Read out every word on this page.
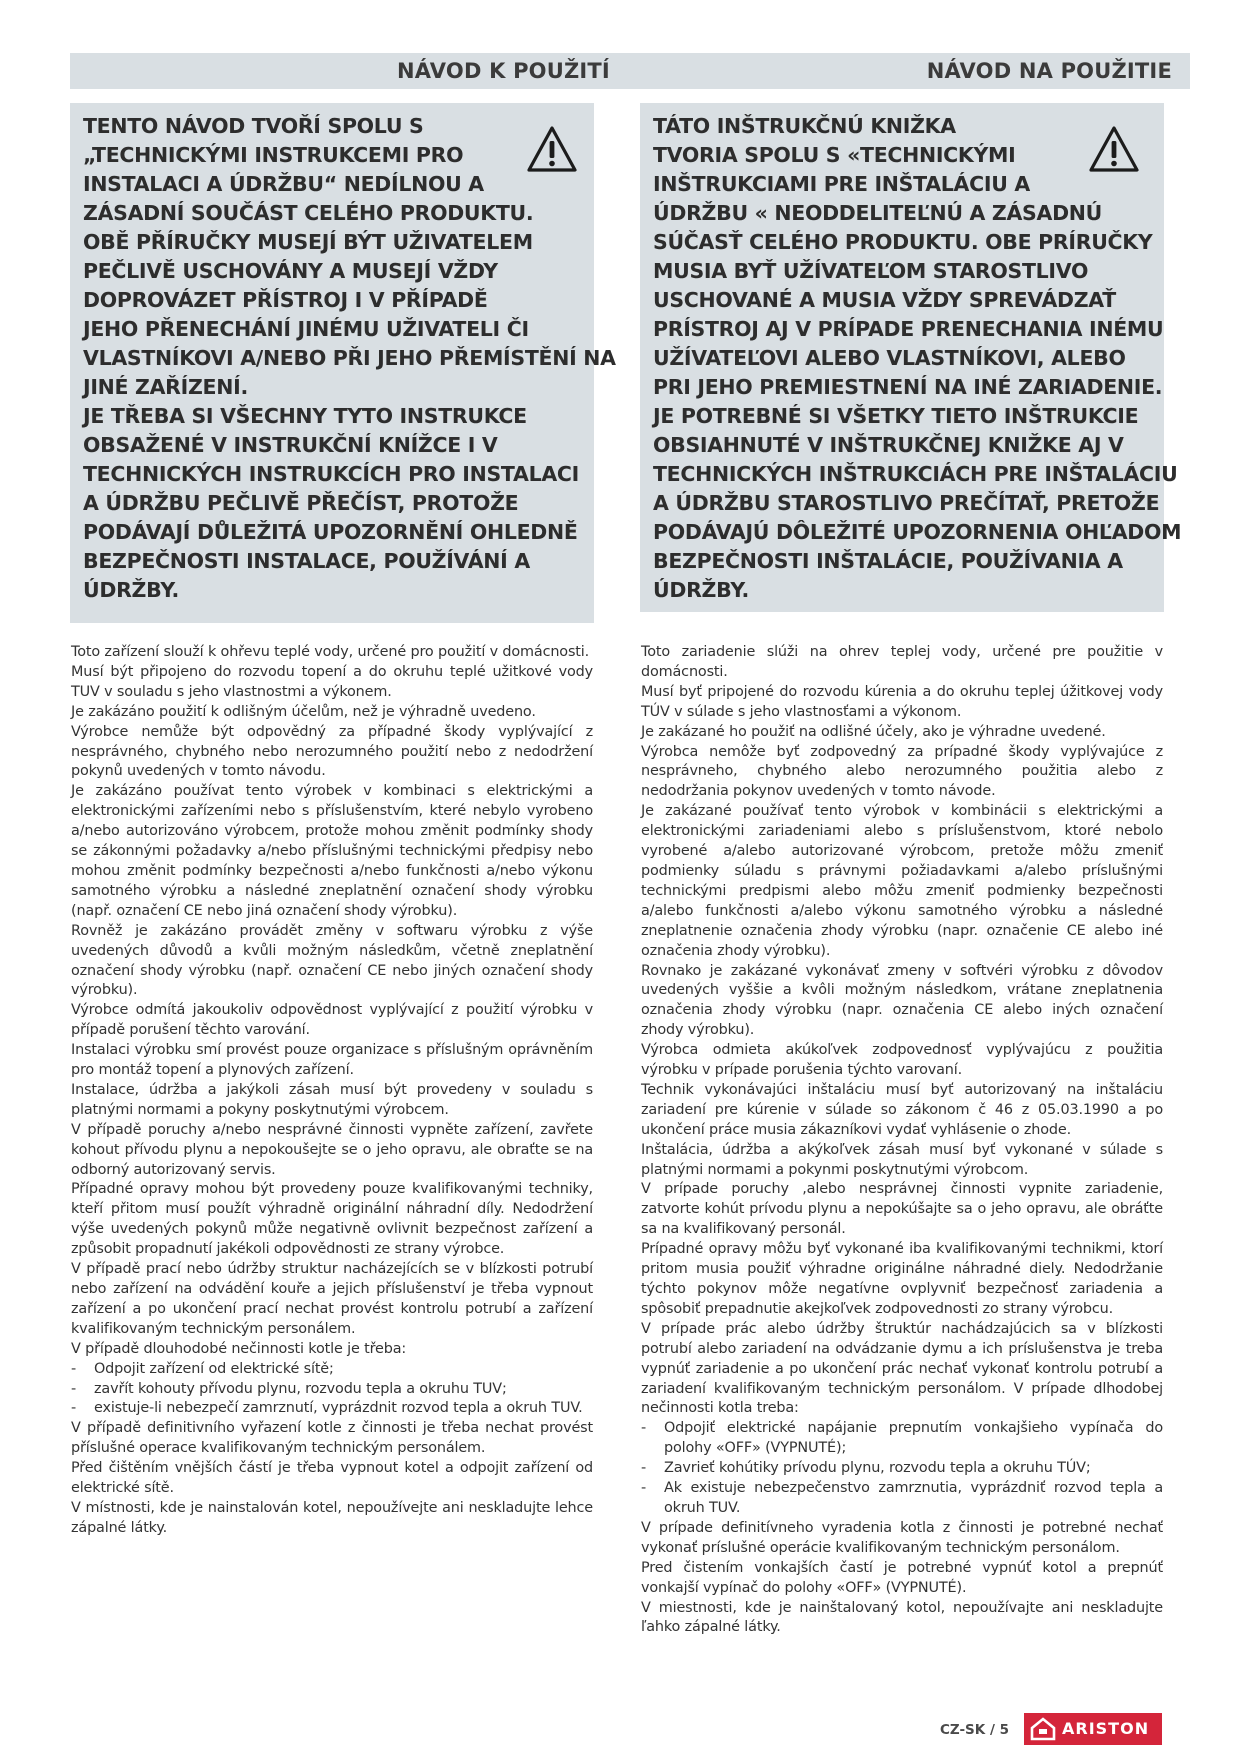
NÁVOD K POUŽITÍ	NÁVOD NA POUŽITIE
TENTO NÁVOD TVOŘÍ SPOLU S
„TECHNICKÝMI INSTRUKCEMI PRO
INSTALACI A ÚDRŽBU“ NEDÍLNOU A
ZÁSADNÍ SOUČÁST CELÉHO PRODUKTU.
OBĚ PŘÍRUČKY MUSEJÍ BÝT UŽIVATELEM
PEČLIVĚ USCHOVÁNY A MUSEJÍ VŽDY
DOPROVÁZET PŘÍSTROJ I V PŘÍPADĚ
JEHO PŘENECHÁNÍ JINÉMU UŽIVATELI ČI
VLASTNÍKOVI A/NEBO PŘI JEHO PŘEMÍSTĚNÍ NA
JINÉ ZAŘÍZENÍ.
JE TŘEBA SI VŠECHNY TYTO INSTRUKCE
OBSAŽENÉ V INSTRUKČNÍ KNÍŽCE I V
TECHNICKÝCH INSTRUKCÍCH PRO INSTALACI
A ÚDRŽBU PEČLIVĚ PŘEČÍST, PROTOŽE
PODÁVAJÍ DŮLEŽITÁ UPOZORNĚNÍ OHLEDNĚ
BEZPEČNOSTI INSTALACE, POUŽÍVÁNÍ A
ÚDRŽBY.
TÁTO INŠTRUKČNÚ KNIŽKA
TVORIA SPOLU S «TECHNICKÝMI
INŠTRUKCIAMI PRE INŠTALÁCIU A
ÚDRŽBU « NEODDELITEĽNÚ A ZÁSADNÚ
SÚČASŤ CELÉHO PRODUKTU. OBE PRÍRUČKY
MUSIA BYŤ UŽÍVATEĽOM STAROSTLIVO
USCHOVANÉ A MUSIA VŽDY SPREVÁDZAŤ
PRÍSTROJ AJ V PRÍPADE PRENECHANIA INÉMU
UŽÍVATEĽOVI ALEBO VLASTNÍKOVI, ALEBO
PRI JEHO PREMIESTNENÍ NA INÉ ZARIADENIE.
JE POTREBNÉ SI VŠETKY TIETO INŠTRUKCIE
OBSIAHNUTÉ V INŠTRUKČNEJ KNIŽKE AJ V
TECHNICKÝCH INŠTRUKCIÁCH PRE INŠTALÁCIU
A ÚDRŽBU STAROSTLIVO PREČÍTAŤ, PRETOŽE
PODÁVAJÚ DÔLEŽITÉ UPOZORNENIA OHĽADOM
BEZPEČNOSTI INŠTALÁCIE, POUŽÍVANIA A
ÚDRŽBY.

Toto zařízení slouží k ohřevu teplé vody, určené pro použití v domácnosti.

Musí být připojeno do rozvodu topení a do okruhu teplé užitkové vody TUV v souladu s jeho vlastnostmi a výkonem.

Je zakázáno použití k odlišným účelům, než je výhradně uvedeno.

Výrobce nemůže být odpovědný za případné škody vyplývající z nesprávného, chybného nebo nerozumného použití nebo z nedodržení pokynů uvedených v tomto návodu.

Je zakázáno používat tento výrobek v kombinaci s elektrickými a elektronickými zařízeními nebo s příslušenstvím, které nebylo vyrobeno a/nebo autorizováno výrobcem, protože mohou změnit podmínky shody se zákonnými požadavky a/nebo příslušnými technickými předpisy nebo mohou změnit podmínky bezpečnosti a/nebo funkčnosti a/nebo výkonu samotného výrobku a následné zneplatnění označení shody výrobku (např. označení CE nebo jiná označení shody výrobku).

Rovněž je zakázáno provádět změny v softwaru výrobku z výše uvedených důvodů a kvůli možným následkům, včetně zneplatnění označení shody výrobku (např. označení CE nebo jiných označení shody výrobku).

Výrobce odmítá jakoukoliv odpovědnost vyplývající z použití výrobku v případě porušení těchto varování.

Instalaci výrobku smí provést pouze organizace s příslušným oprávněním pro montáž topení a plynových zařízení.

Instalace, údržba a jakýkoli zásah musí být provedeny v souladu s platnými normami a pokyny poskytnutými výrobcem.

V případě poruchy a/nebo nesprávné činnosti vypněte zařízení, zavřete kohout přívodu plynu a nepokoušejte se o jeho opravu, ale obraťte se na odborný autorizovaný servis.

Případné opravy mohou být provedeny pouze kvalifikovanými techniky, kteří přitom musí použít výhradně originální náhradní díly. Nedodržení výše uvedených pokynů může negativně ovlivnit bezpečnost zařízení a způsobit propadnutí jakékoli odpovědnosti ze strany výrobce.

V případě prací nebo údržby struktur nacházejících se v blízkosti potrubí nebo zařízení na odvádění kouře a jejich příslušenství je třeba vypnout zařízení a po ukončení prací nechat provést kontrolu potrubí a zařízení kvalifikovaným technickým personálem.

V případě dlouhodobé nečinnosti kotle je třeba:

- Odpojit zařízení od elektrické sítě;
- zavřít kohouty přívodu plynu, rozvodu tepla a okruhu TUV;
- existuje-li nebezpečí zamrznutí, vyprázdnit rozvod tepla a okruh TUV.

V případě definitivního vyřazení kotle z činnosti je třeba nechat provést příslušné operace kvalifikovaným technickým personálem.

Před čištěním vnějších částí je třeba vypnout kotel a odpojit zařízení od elektrické sítě.

V místnosti, kde je nainstalován kotel, nepoužívejte ani neskladujte lehce zápalné látky.

Toto zariadenie slúži na ohrev teplej vody, určené pre použitie v domácnosti.

Musí byť pripojené do rozvodu kúrenia a do okruhu teplej úžitkovej vody TÚV v súlade s jeho vlastnosťami a výkonom.

Je zakázané ho použiť na odlišné účely, ako je výhradne uvedené.

Výrobca nemôže byť zodpovedný za prípadné škody vyplývajúce z nesprávneho, chybného alebo nerozumného použitia alebo z nedodržania pokynov uvedených v tomto návode.

Je zakázané používať tento výrobok v kombinácii s elektrickými a elektronickými zariadeniami alebo s príslušenstvom, ktoré nebolo vyrobené a/alebo autorizované výrobcom, pretože môžu zmeniť podmienky súladu s právnymi požiadavkami a/alebo príslušnými technickými predpismi alebo môžu zmeniť podmienky bezpečnosti a/alebo funkčnosti a/alebo výkonu samotného výrobku a následné zneplatnenie označenia zhody výrobku (napr. označenie CE alebo iné označenia zhody výrobku).

Rovnako je zakázané vykonávať zmeny v softvéri výrobku z dôvodov uvedených vyššie a kvôli možným následkom, vrátane zneplatnenia označenia zhody výrobku (napr. označenia CE alebo iných označení zhody výrobku).

Výrobca odmieta akúkoľvek zodpovednosť vyplývajúcu z použitia výrobku v prípade porušenia týchto varovaní.

Technik vykonávajúci inštaláciu musí byť autorizovaný na inštaláciu zariadení pre kúrenie v súlade so zákonom č 46 z 05.03.1990 a po ukončení práce musia zákazníkovi vydať vyhlásenie o zhode.

Inštalácia, údržba a akýkoľvek zásah musí byť vykonané v súlade s platnými normami a pokynmi poskytnutými výrobcom.

V prípade poruchy ,alebo nesprávnej činnosti vypnite zariadenie, zatvorte kohút prívodu plynu a nepokúšajte sa o jeho opravu, ale obráťte sa na kvalifikovaný personál.

Prípadné opravy môžu byť vykonané iba kvalifikovanými technikmi, ktorí pritom musia použiť výhradne originálne náhradné diely. Nedodržanie týchto pokynov môže negatívne ovplyvniť bezpečnosť zariadenia a spôsobiť prepadnutie akejkoľvek zodpovednosti zo strany výrobcu.

V prípade prác alebo údržby štruktúr nachádzajúcich sa v blízkosti potrubí alebo zariadení na odvádzanie dymu a ich príslušenstva je treba vypnúť zariadenie a po ukončení prác nechať vykonať kontrolu potrubí a zariadení kvalifikovaným technickým personálom. V prípade dlhodobej nečinnosti kotla treba:

- Odpojiť elektrické napájanie prepnutím vonkajšieho vypínača do polohy «OFF» (VYPNUTÉ);
- Zavrieť kohútiky prívodu plynu, rozvodu tepla a okruhu TÚV;
- Ak existuje nebezpečenstvo zamrznutia, vyprázdniť rozvod tepla a okruh TUV.

V prípade definitívneho vyradenia kotla z činnosti je potrebné nechať vykonať príslušné operácie kvalifikovaným technickým personálom.

Pred čistením vonkajších častí je potrebné vypnúť kotol a prepnúť vonkajší vypínač do polohy «OFF» (VYPNUTÉ).

V miestnosti, kde je nainštalovaný kotol, nepoužívajte ani neskladujte ľahko zápalné látky.

CZ-SK / 5	ARISTON
